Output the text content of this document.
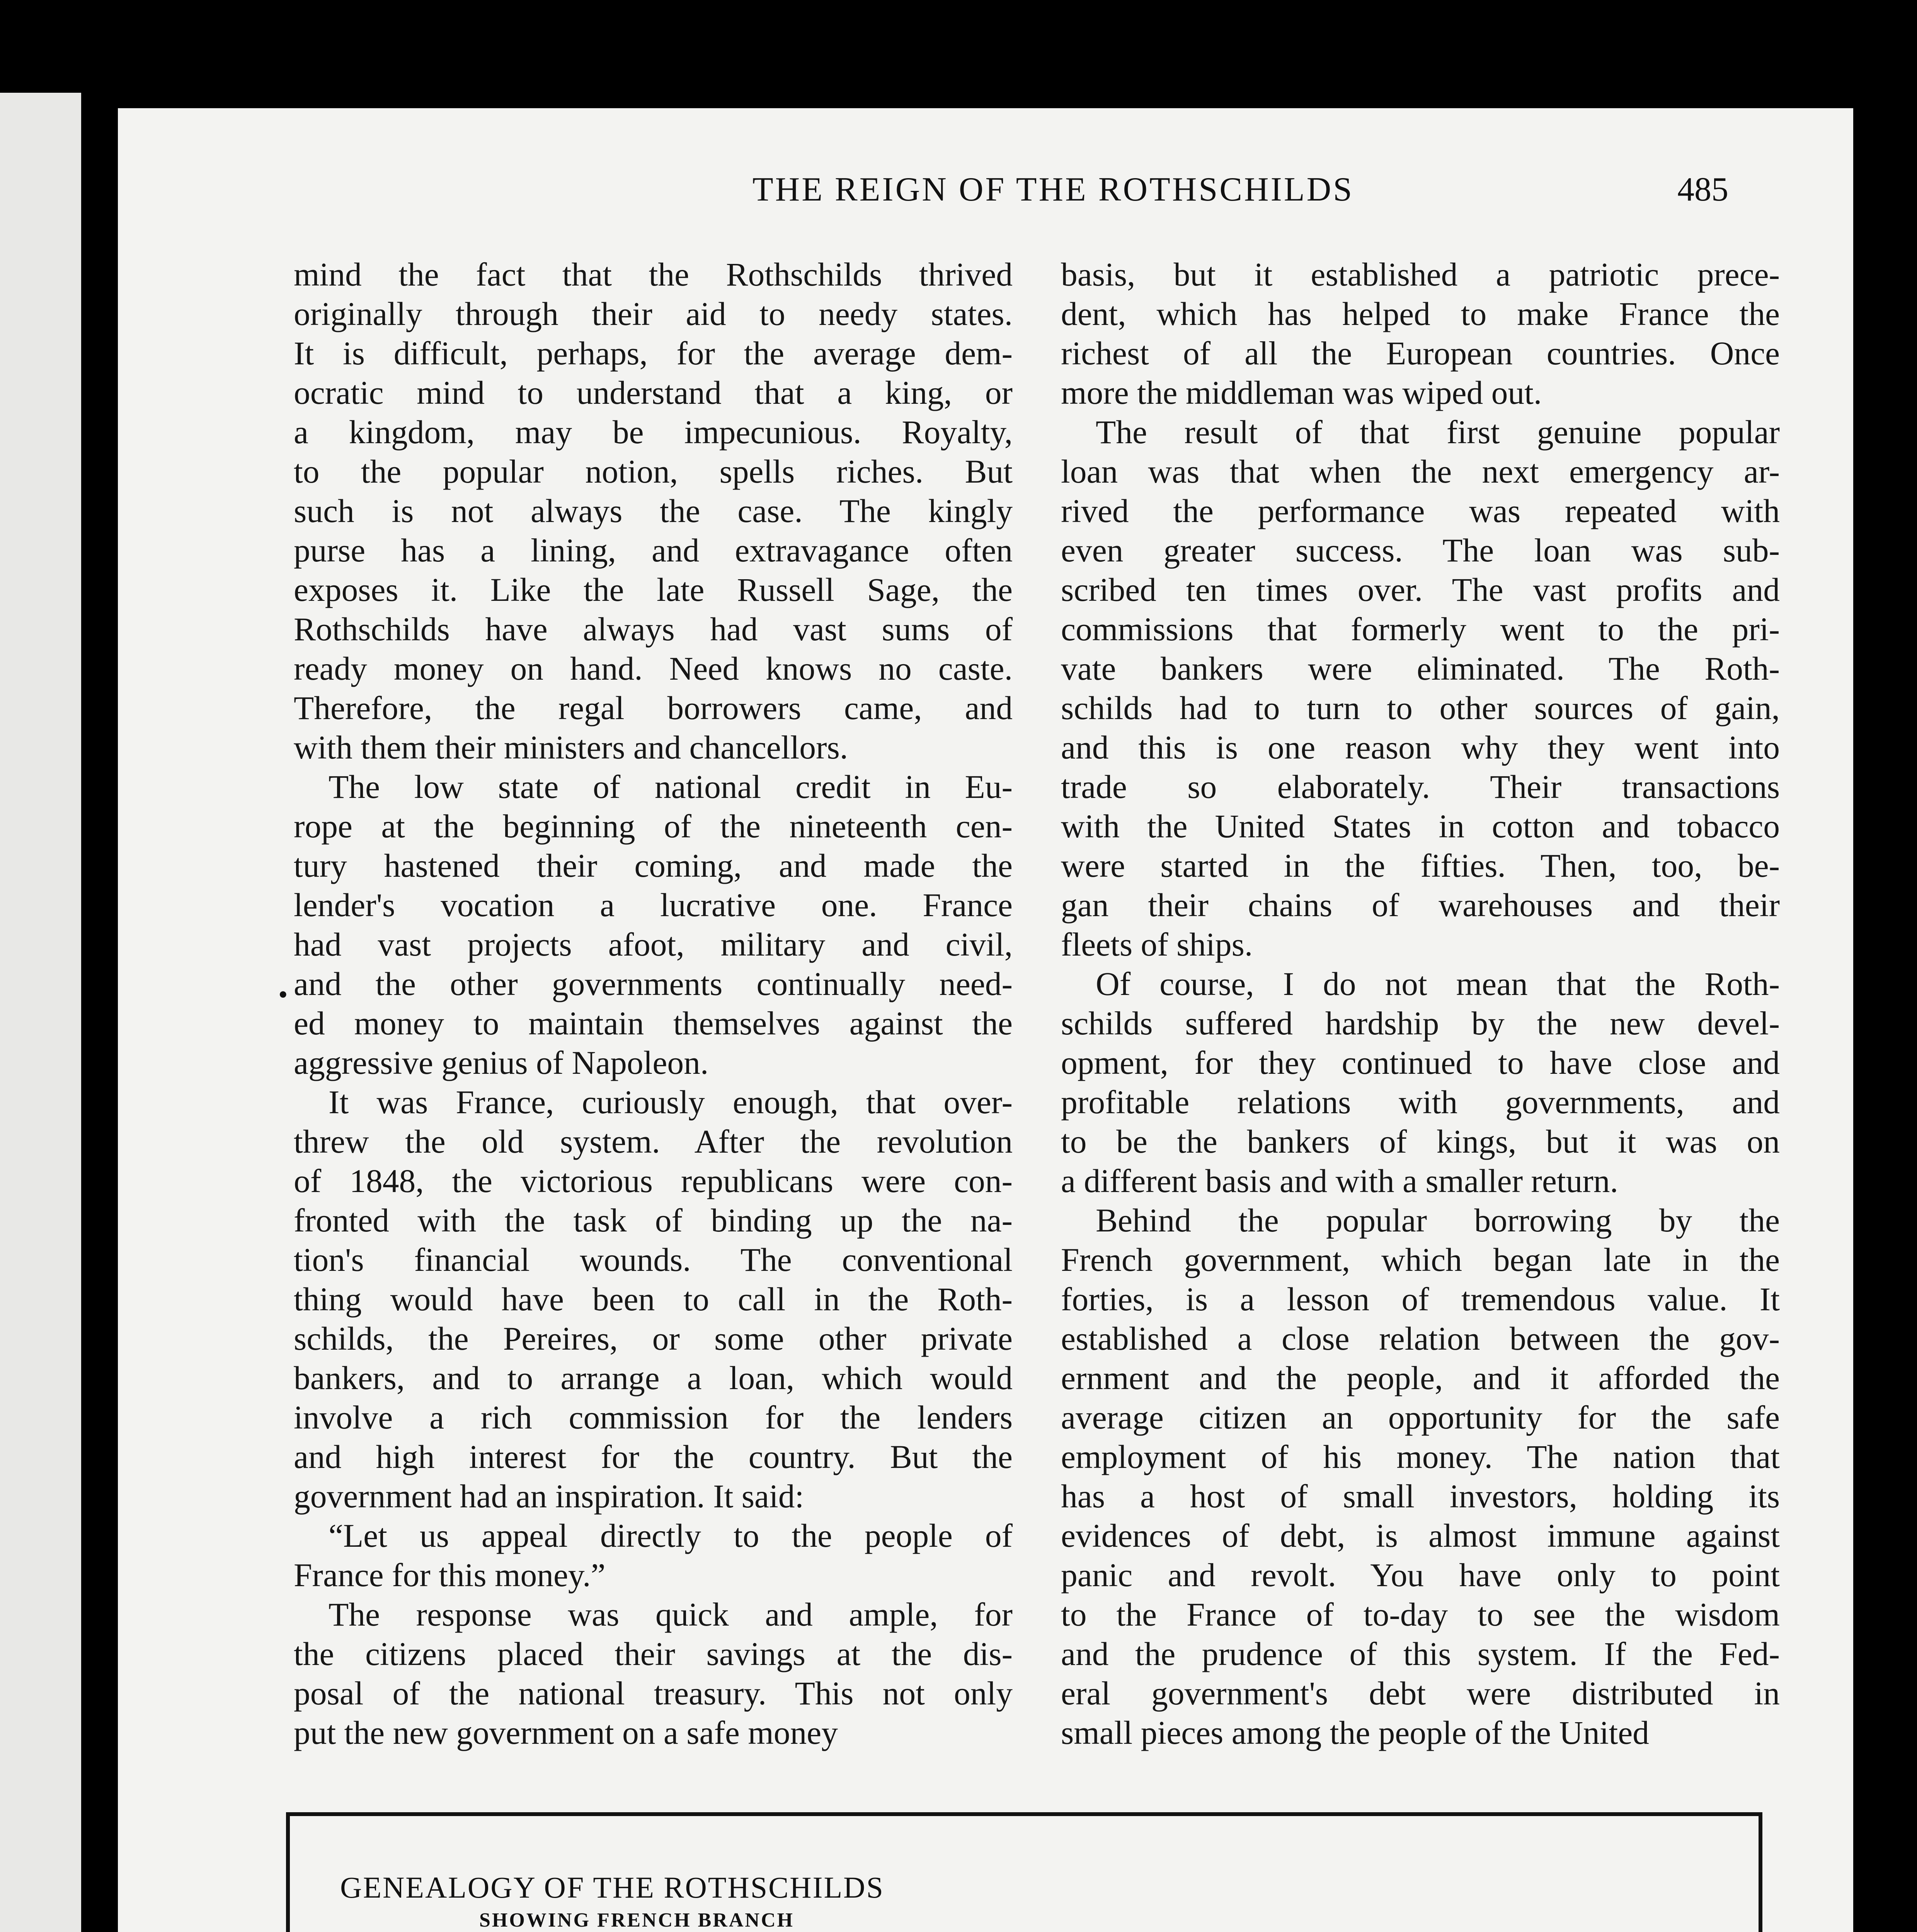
THE REIGN OF THE ROTHSCHILDS	485
mind the fact that the Rothschilds thrived
originally through their aid to needy states.
It is difficult, perhaps, for the average dem-
ocratic mind to understand that a king, or
a kingdom, may be impecunious. Royalty,
to the popular notion, spells riches. But
such is not always the case. The kingly
purse has a lining, and extravagance often
exposes it. Like the late Russell Sage, the
Rothschilds have always had vast sums of
ready money on hand. Need knows no caste.
Therefore, the regal borrowers came, and
with them their ministers and chancellors.
The low state of national credit in Eu-
rope at the beginning of the nineteenth cen-
tury hastened their coming, and made the
lender's vocation a lucrative one. France
had vast projects afoot, military and civil,
and the other governments continually need-
ed money to maintain themselves against the
aggressive genius of Napoleon.
It was France, curiously enough, that over-
threw the old system. After the revolution
of 1848, the victorious republicans were con-
fronted with the task of binding up the na-
tion's financial wounds. The conventional
thing would have been to call in the Roth-
schilds, the Pereires, or some other private
bankers, and to arrange a loan, which would
involve a rich commission for the lenders
and high interest for the country. But the
government had an inspiration. It said:
“Let us appeal directly to the people of
France for this money.”
The response was quick and ample, for
the citizens placed their savings at the dis-
posal of the national treasury. This not only
put the new government on a safe money
basis, but it established a patriotic prece-
dent, which has helped to make France the
richest of all the European countries. Once
more the middleman was wiped out.
The result of that first genuine popular
loan was that when the next emergency ar-
rived the performance was repeated with
even greater success. The loan was sub-
scribed ten times over. The vast profits and
commissions that formerly went to the pri-
vate bankers were eliminated. The Roth-
schilds had to turn to other sources of gain,
and this is one reason why they went into
trade so elaborately. Their transactions
with the United States in cotton and tobacco
were started in the fifties. Then, too, be-
gan their chains of warehouses and their
fleets of ships.
Of course, I do not mean that the Roth-
schilds suffered hardship by the new devel-
opment, for they continued to have close and
profitable relations with governments, and
to be the bankers of kings, but it was on
a different basis and with a smaller return.
Behind the popular borrowing by the
French government, which began late in the
forties, is a lesson of tremendous value. It
established a close relation between the gov-
ernment and the people, and it afforded the
average citizen an opportunity for the safe
employment of his money. The nation that
has a host of small investors, holding its
evidences of debt, is almost immune against
panic and revolt. You have only to point
to the France of to-day to see the wisdom
and the prudence of this system. If the Fed-
eral government's debt were distributed in
small pieces among the people of the United
•
GENEALOGY OF THE ROTHSCHILDS
SHOWING FRENCH BRANCH
